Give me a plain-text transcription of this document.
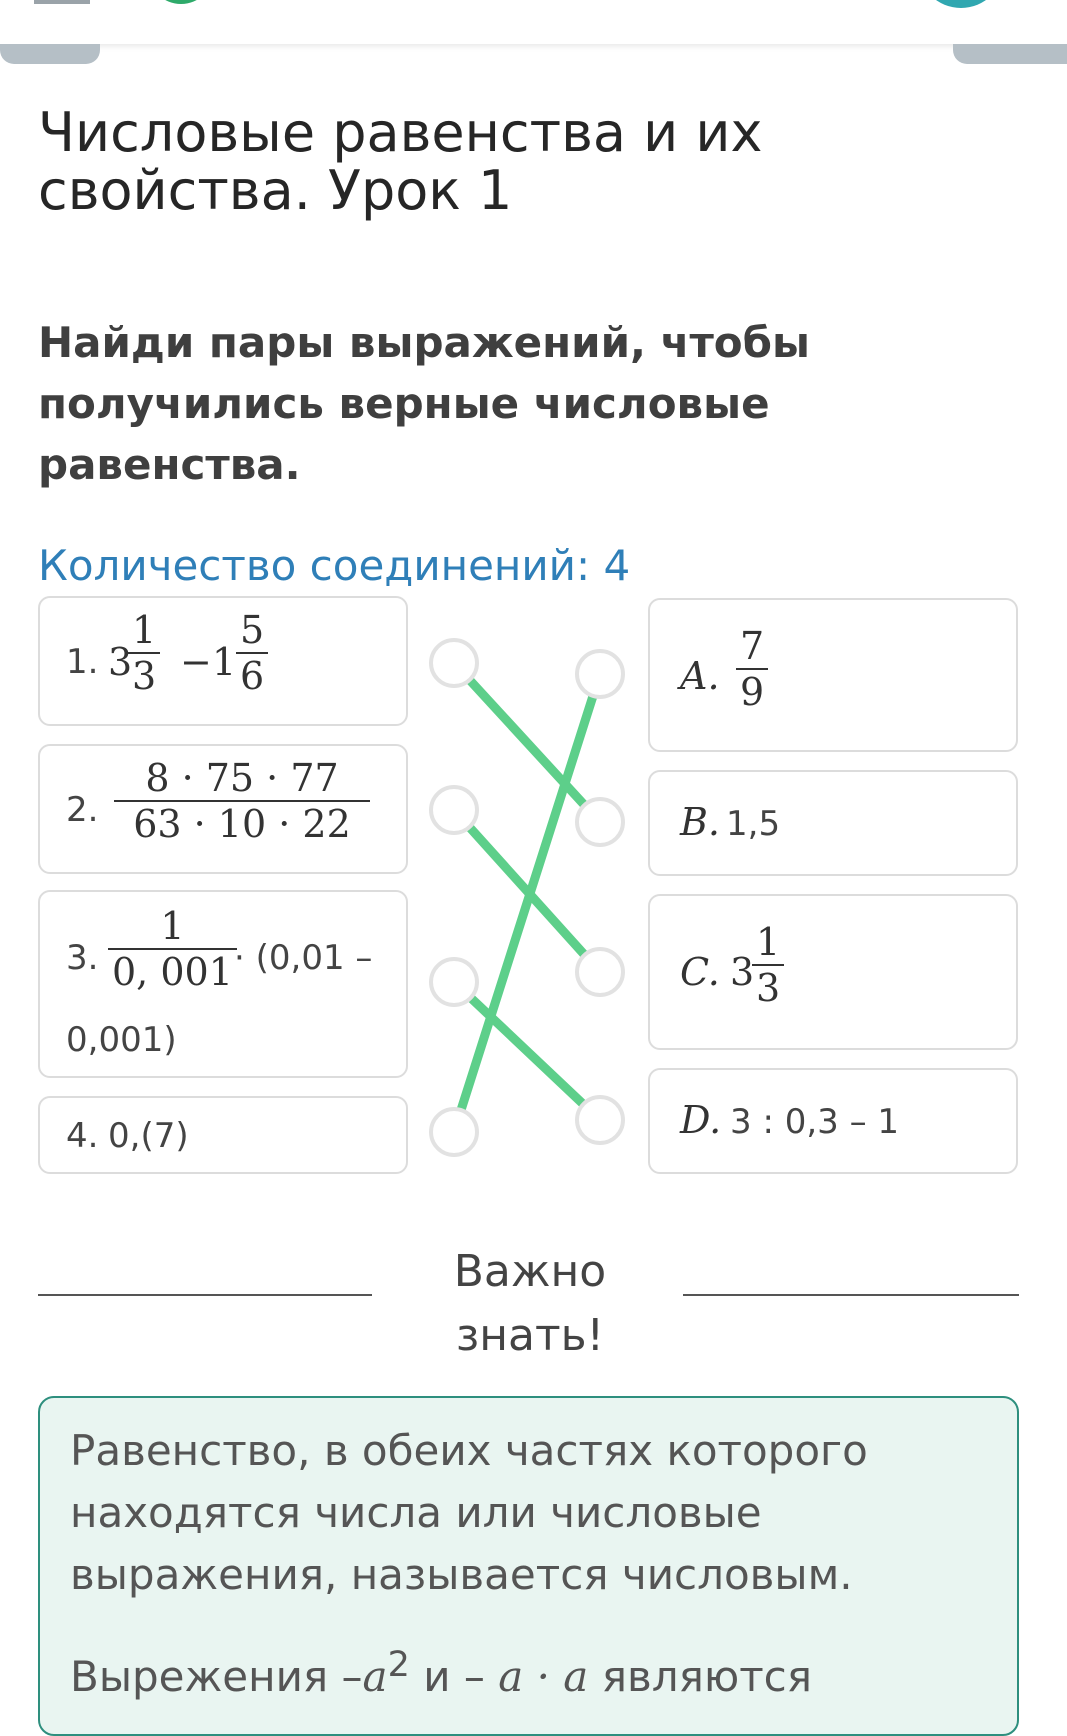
Числовые равенства и их свойства. Урок 1

Найди пары выражений, чтобы получились верные числовые равенства.

Количество соединений: 4
1. 3
1
3 − 1
5
6
2.
8 · 75 · 77
63 · 10 · 22
3.
1
0, 001 · (0,01 –
0,001)
4. 0,(7)
A.
7
9
B. 1,5
C. 3
1
3
D. 3 : 0,3 – 1
Важно знать!

Равенство, в обеих частях которого находятся числа или числовые выражения, называется числовым.

Вырежения $-a^2$ и – a · a являются
